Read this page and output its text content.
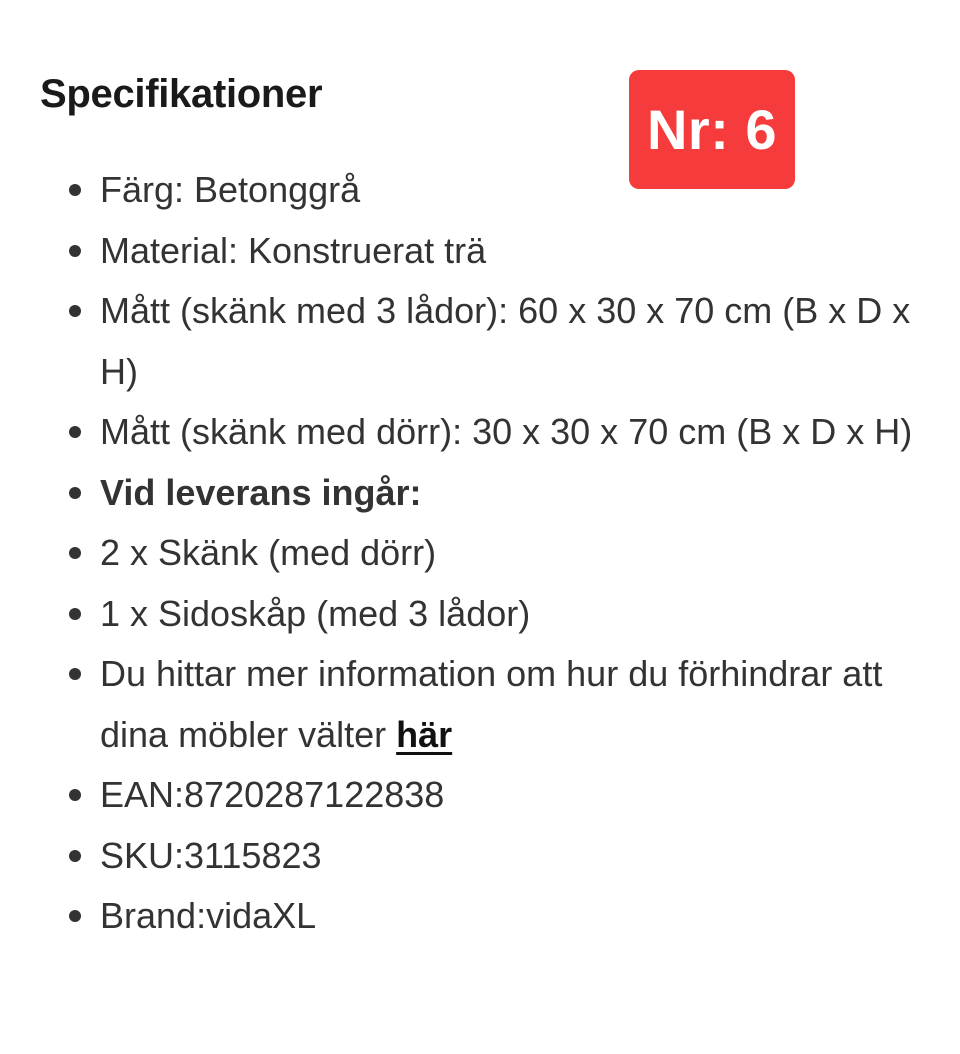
Specifikationer
Nr: 6
Färg: Betonggrå
Material: Konstruerat trä
Mått (skänk med 3 lådor): 60 x 30 x 70 cm (B x D x H)
Mått (skänk med dörr): 30 x 30 x 70 cm (B x D x H)
Vid leverans ingår:
2 x Skänk (med dörr)
1 x Sidoskåp (med 3 lådor)
Du hittar mer information om hur du förhindrar att dina möbler välter här
EAN:8720287122838
SKU:3115823
Brand:vidaXL
